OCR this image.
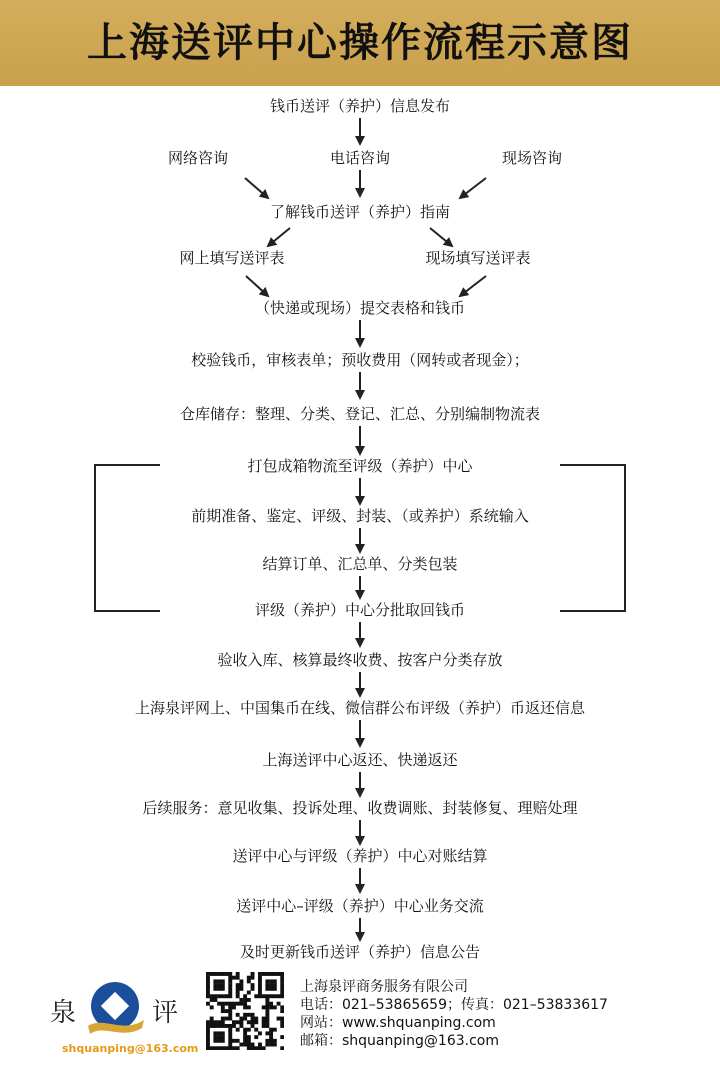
上海送评中心操作流程示意图
钱币送评（养护）信息发布
网络咨询	电话咨询	现场咨询
了解钱币送评（养护）指南
网上填写送评表	现场填写送评表
（快递或现场）提交表格和钱币
校验钱币，审核表单；预收费用（网转或者现金）；
仓库储存：整理、分类、登记、汇总、分别编制物流表
打包成箱物流至评级（养护）中心
前期准备、鉴定、评级、封装、（或养护）系统输入
结算订单、汇总单、分类包装
评级（养护）中心分批取回钱币
验收入库、核算最终收费、按客户分类存放
上海泉评网上、中国集币在线、微信群公布评级（养护）币返还信息
上海送评中心返还、快递返还
后续服务：意见收集、投诉处理、收费调账、封装修复、理赔处理
送评中心与评级（养护）中心对账结算
送评中心–评级（养护）中心业务交流
及时更新钱币送评（养护）信息公告
泉	评
shquanping@163.com
上海泉评商务服务有限公司
电话：021–53865659；传真：021–53833617
网站：www.shquanping.com
邮箱：shquanping@163.com
